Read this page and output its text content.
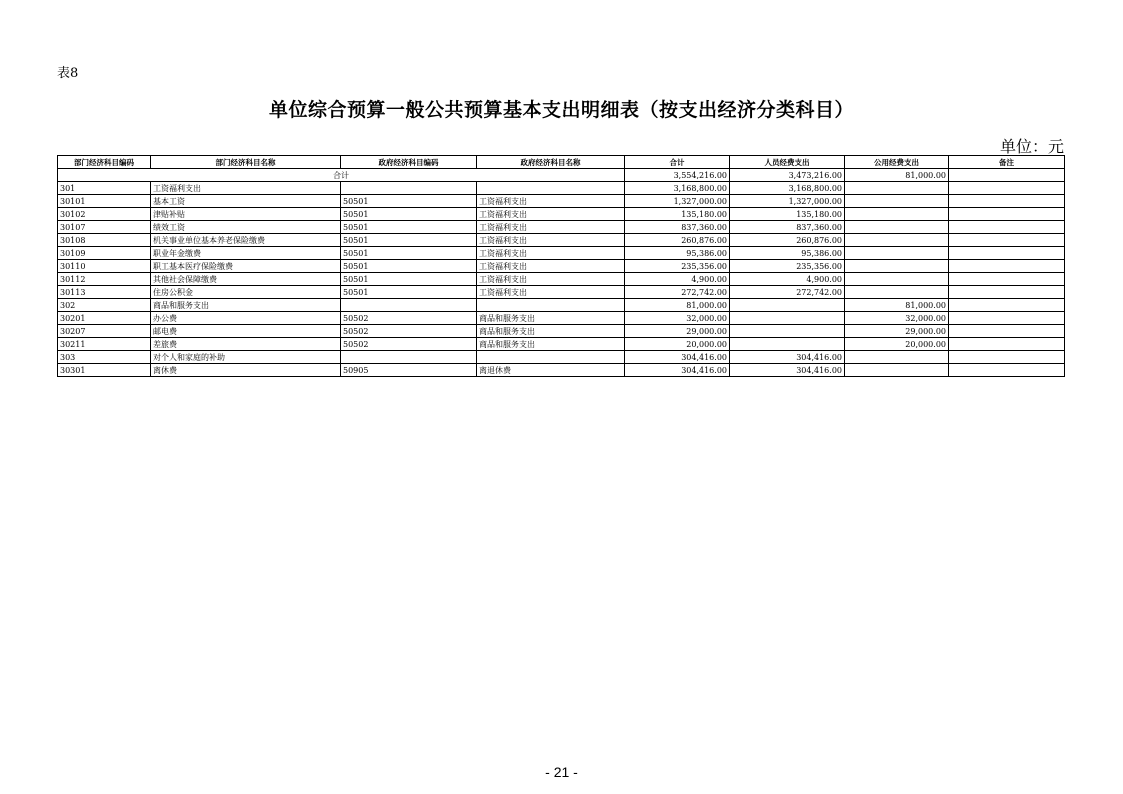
表8
单位综合预算一般公共预算基本支出明细表（按支出经济分类科目）
单位：元
部门经济科目编码	部门经济科目名称	政府经济科目编码	政府经济科目名称	合计	人员经费支出	公用经费支出	备注
合计				3,554,216.00	3,473,216.00	81,000.00	
301	工资福利支出			3,168,800.00	3,168,800.00		
30101	基本工资	50501	工资福利支出	1,327,000.00	1,327,000.00		
30102	津贴补贴	50501	工资福利支出	135,180.00	135,180.00		
30107	绩效工资	50501	工资福利支出	837,360.00	837,360.00		
30108	机关事业单位基本养老保险缴费	50501	工资福利支出	260,876.00	260,876.00		
30109	职业年金缴费	50501	工资福利支出	95,386.00	95,386.00		
30110	职工基本医疗保险缴费	50501	工资福利支出	235,356.00	235,356.00		
30112	其他社会保障缴费	50501	工资福利支出	4,900.00	4,900.00		
30113	住房公积金	50501	工资福利支出	272,742.00	272,742.00		
302	商品和服务支出			81,000.00		81,000.00	
30201	办公费	50502	商品和服务支出	32,000.00		32,000.00	
30207	邮电费	50502	商品和服务支出	29,000.00		29,000.00	
30211	差旅费	50502	商品和服务支出	20,000.00		20,000.00	
303	对个人和家庭的补助			304,416.00	304,416.00		
30301	离休费	50905	离退休费	304,416.00	304,416.00		
- 21 -
